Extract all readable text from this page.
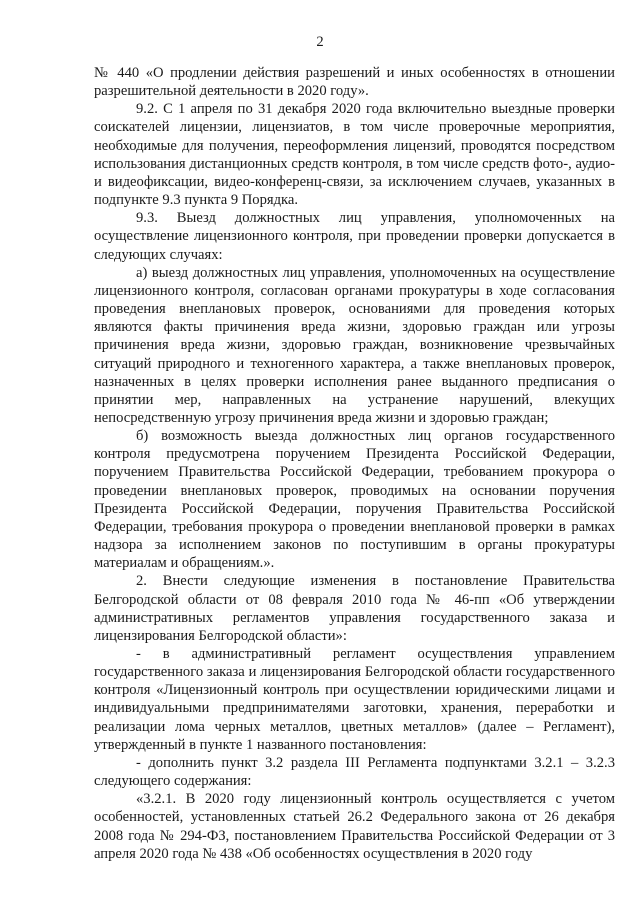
2

№ 440 «О продлении действия разрешений и иных особенностях в отношении разрешительной деятельности в 2020 году».

9.2. С 1 апреля по 31 декабря 2020 года включительно выездные проверки соискателей лицензии, лицензиатов, в том числе проверочные мероприятия, необходимые для получения, переоформления лицензий, проводятся посредством использования дистанционных средств контроля, в том числе средств фото-, аудио- и видеофиксации, видео-конференц-связи, за исключением случаев, указанных в подпункте 9.3 пункта 9 Порядка.

9.3. Выезд должностных лиц управления, уполномоченных на осуществление лицензионного контроля, при проведении проверки допускается в следующих случаях:

а) выезд должностных лиц управления, уполномоченных на осуществление лицензионного контроля, согласован органами прокуратуры в ходе согласования проведения внеплановых проверок, основаниями для проведения которых являются факты причинения вреда жизни, здоровью граждан или угрозы причинения вреда жизни, здоровью граждан, возникновение чрезвычайных ситуаций природного и техногенного характера, а также внеплановых проверок, назначенных в целях проверки исполнения ранее выданного предписания о принятии мер, направленных на устранение нарушений, влекущих непосредственную угрозу причинения вреда жизни и здоровью граждан;

б) возможность выезда должностных лиц органов государственного контроля предусмотрена поручением Президента Российской Федерации, поручением Правительства Российской Федерации, требованием прокурора о проведении внеплановых проверок, проводимых на основании поручения Президента Российской Федерации, поручения Правительства Российской Федерации, требования прокурора о проведении внеплановой проверки в рамках надзора за исполнением законов по поступившим в органы прокуратуры материалам и обращениям.».

2. Внести следующие изменения в постановление Правительства Белгородской области от 08 февраля 2010 года № 46-пп «Об утверждении административных регламентов управления государственного заказа и лицензирования Белгородской области»:

- в административный регламент осуществления управлением государственного заказа и лицензирования Белгородской области государственного контроля «Лицензионный контроль при осуществлении юридическими лицами и индивидуальными предпринимателями заготовки, хранения, переработки и реализации лома черных металлов, цветных металлов» (далее – Регламент), утвержденный в пункте 1 названного постановления:

- дополнить пункт 3.2 раздела III Регламента подпунктами 3.2.1 – 3.2.3 следующего содержания:

«3.2.1. В 2020 году лицензионный контроль осуществляется с учетом особенностей, установленных статьей 26.2 Федерального закона от 26 декабря 2008 года № 294-ФЗ, постановлением Правительства Российской Федерации от 3 апреля 2020 года № 438 «Об особенностях осуществления в 2020 году
